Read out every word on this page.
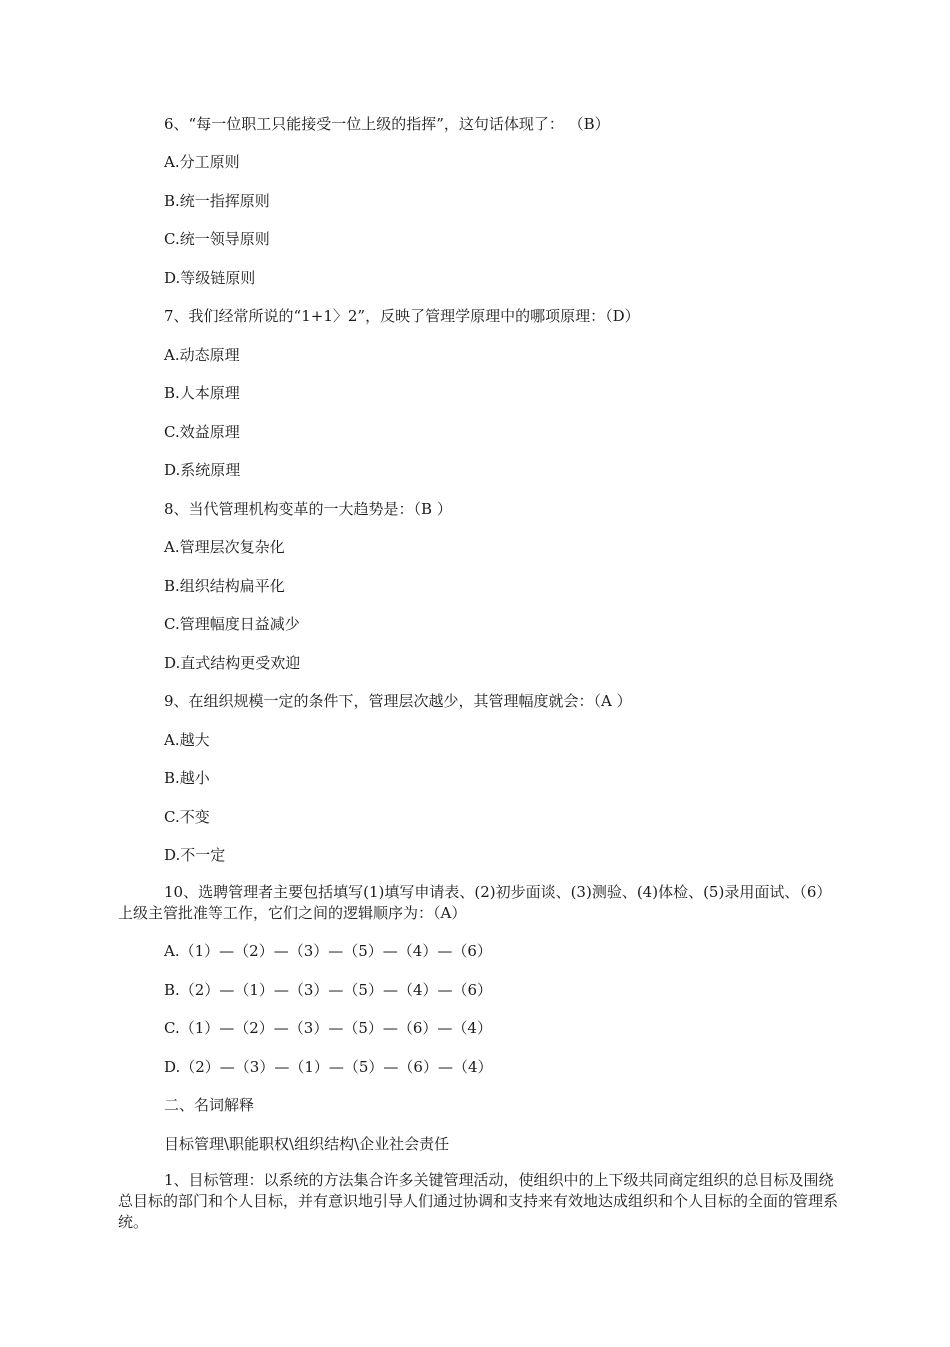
6、“每一位职工只能接受一位上级的指挥”，这句话体现了： （B）
A.分工原则
B.统一指挥原则
C.统一领导原则
D.等级链原则
7、我们经常所说的“1+1〉2”，反映了管理学原理中的哪项原理：（D）
A.动态原理
B.人本原理
C.效益原理
D.系统原理
8、当代管理机构变革的一大趋势是：（B ）
A.管理层次复杂化
B.组织结构扁平化
C.管理幅度日益减少
D.直式结构更受欢迎
9、在组织规模一定的条件下，管理层次越少，其管理幅度就会：（A ）
A.越大
B.越小
C.不变
D.不一定
10、选聘管理者主要包括填写(1)填写申请表、(2)初步面谈、(3)测验、(4)体检、(5)录用面试、（6）上级主管批准等工作，它们之间的逻辑顺序为：（A）
A.（1）—（2）—（3）—（5）—（4）—（6）
B.（2）—（1）—（3）—（5）—（4）—（6）
C.（1）—（2）—（3）—（5）—（6）—（4）
D.（2）—（3）—（1）—（5）—（6）—（4）
二、名词解释
目标管理\职能职权\组织结构\企业社会责任
1、目标管理：以系统的方法集合许多关键管理活动，使组织中的上下级共同商定组织的总目标及围绕总目标的部门和个人目标，并有意识地引导人们通过协调和支持来有效地达成组织和个人目标的全面的管理系统。
